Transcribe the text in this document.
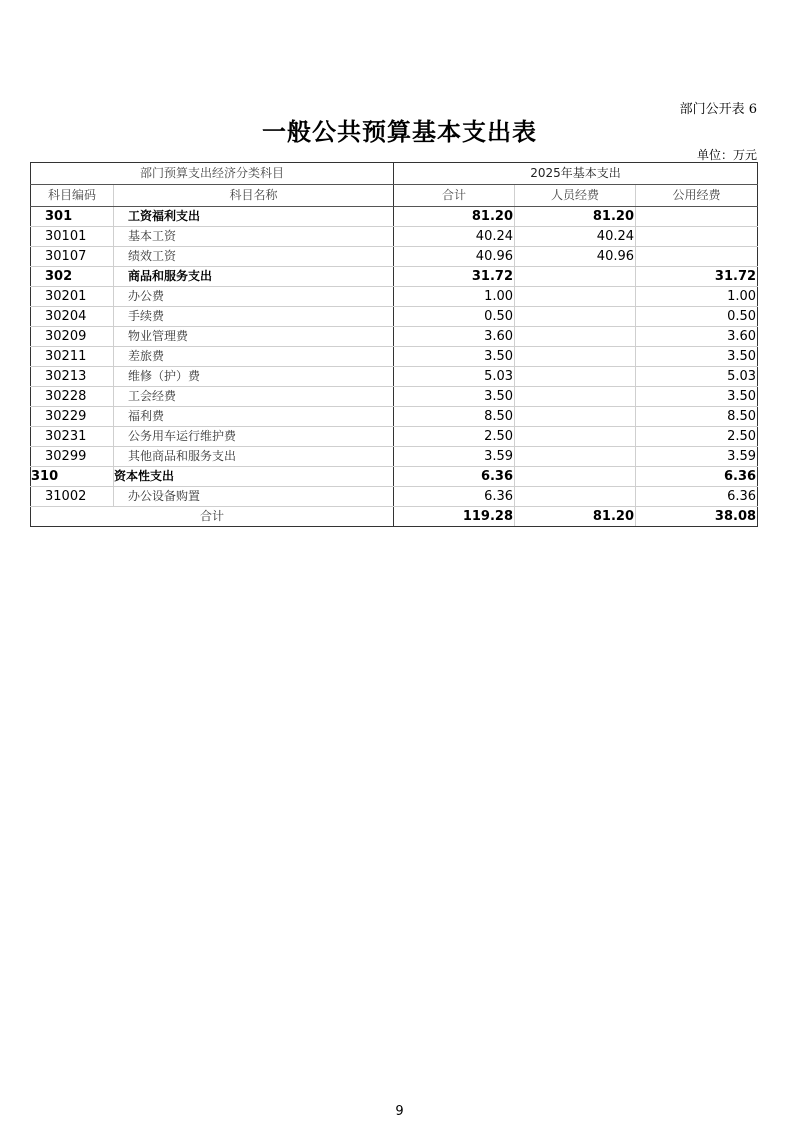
部门公开表 6
一般公共预算基本支出表
单位：万元
部门预算支出经济分类科目		2025年基本支出		
科目编码	科目名称	合计	人员经费	公用经费
301	工资福利支出	81.20	81.20	
30101	基本工资	40.24	40.24	
30107	绩效工资	40.96	40.96	
302	商品和服务支出	31.72		31.72
30201	办公费	1.00		1.00
30204	手续费	0.50		0.50
30209	物业管理费	3.60		3.60
30211	差旅费	3.50		3.50
30213	维修（护）费	5.03		5.03
30228	工会经费	3.50		3.50
30229	福利费	8.50		8.50
30231	公务用车运行维护费	2.50		2.50
30299	其他商品和服务支出	3.59		3.59
310	资本性支出	6.36		6.36
31002	办公设备购置	6.36		6.36
合计		119.28	81.20	38.08
9
